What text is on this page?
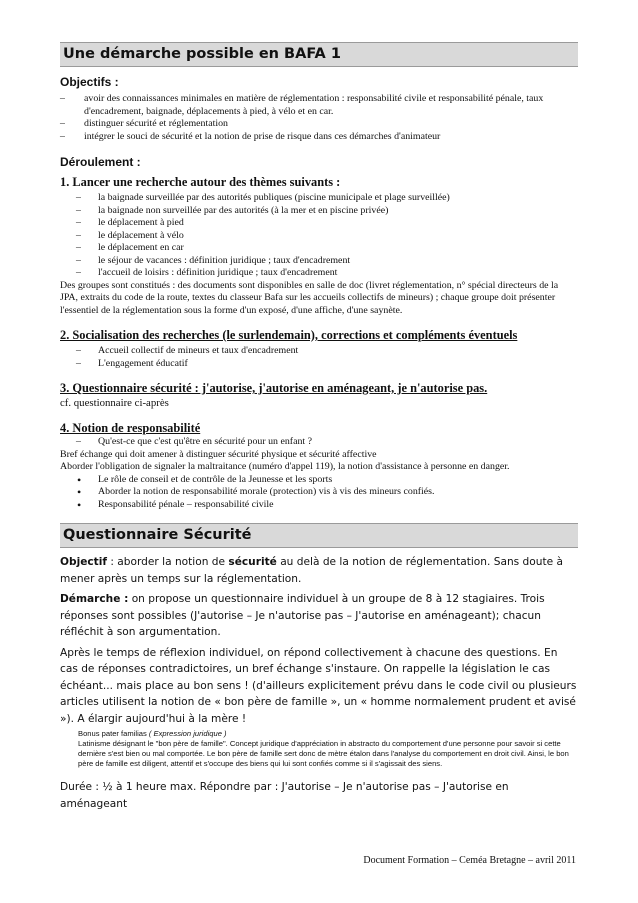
Une démarche possible en BAFA 1
Objectifs :
– avoir des connaissances minimales en matière de réglementation : responsabilité civile et responsabilité pénale, taux d'encadrement, baignade, déplacements à pied, à vélo et en car.
– distinguer sécurité et réglementation
– intégrer le souci de sécurité et la notion de prise de risque dans ces démarches d'animateur
Déroulement :
1. Lancer une recherche autour des thèmes suivants :
– la baignade surveillée par des autorités publiques (piscine municipale et plage surveillée)
– la baignade non surveillée par des autorités (à la mer et en piscine privée)
– le déplacement à pied
– le déplacement à vélo
– le déplacement en car
– le séjour de vacances : définition juridique ; taux d'encadrement
– l'accueil de loisirs : définition juridique ; taux d'encadrement

Des groupes sont constitués : des documents sont disponibles en salle de doc (livret réglementation, n° spécial directeurs de la JPA, extraits du code de la route, textes du classeur Bafa sur les accueils collectifs de mineurs) ; chaque groupe doit présenter l'essentiel de la réglementation sous la forme d'un exposé, d'une affiche, d'une saynète.

2. Socialisation des recherches (le surlendemain), corrections et compléments éventuels
– Accueil collectif de mineurs et taux d'encadrement
– L'engagement éducatif
3. Questionnaire sécurité : j'autorise, j'autorise en aménageant, je n'autorise pas.

cf. questionnaire ci-après

4. Notion de responsabilité
– Qu'est-ce que c'est qu'être en sécurité pour un enfant ?

Bref échange qui doit amener à distinguer sécurité physique et sécurité affective

Aborder l'obligation de signaler la maltraitance (numéro d'appel 119), la notion d'assistance à personne en danger.

• Le rôle de conseil et de contrôle de la Jeunesse et les sports
• Aborder la notion de responsabilité morale (protection) vis à vis des mineurs confiés.
• Responsabilité pénale – responsabilité civile
Questionnaire Sécurité

Objectif : aborder la notion de sécurité au delà de la notion de réglementation. Sans doute à mener après un temps sur la réglementation.

Démarche : on propose un questionnaire individuel à un groupe de 8 à 12 stagiaires. Trois réponses sont possibles (J'autorise – Je n'autorise pas – J'autorise en aménageant); chacun réfléchit à son argumentation.

Après le temps de réflexion individuel, on répond collectivement à chacune des questions. En cas de réponses contradictoires, un bref échange s'instaure. On rappelle la législation le cas échéant... mais place au bon sens ! (d'ailleurs explicitement prévu dans le code civil ou plusieurs articles utilisent la notion de « bon père de famille », un « homme normalement prudent et avisé »). A élargir aujourd'hui à la mère !

Bonus pater familias ( Expression juridique )
Latinisme désignant le "bon père de famille". Concept juridique d'appréciation in abstracto du comportement d'une personne pour savoir si cette dernière s'est bien ou mal comportée. Le bon père de famille sert donc de mètre étalon dans l'analyse du comportement en droit civil. Ainsi, le bon père de famille est diligent, attentif et s'occupe des biens qui lui sont confiés comme si il s'agissait des siens.

Durée : ½ à 1 heure max. Répondre par : J'autorise – Je n'autorise pas – J'autorise en aménageant

Document Formation – Ceméa Bretagne – avril 2011
